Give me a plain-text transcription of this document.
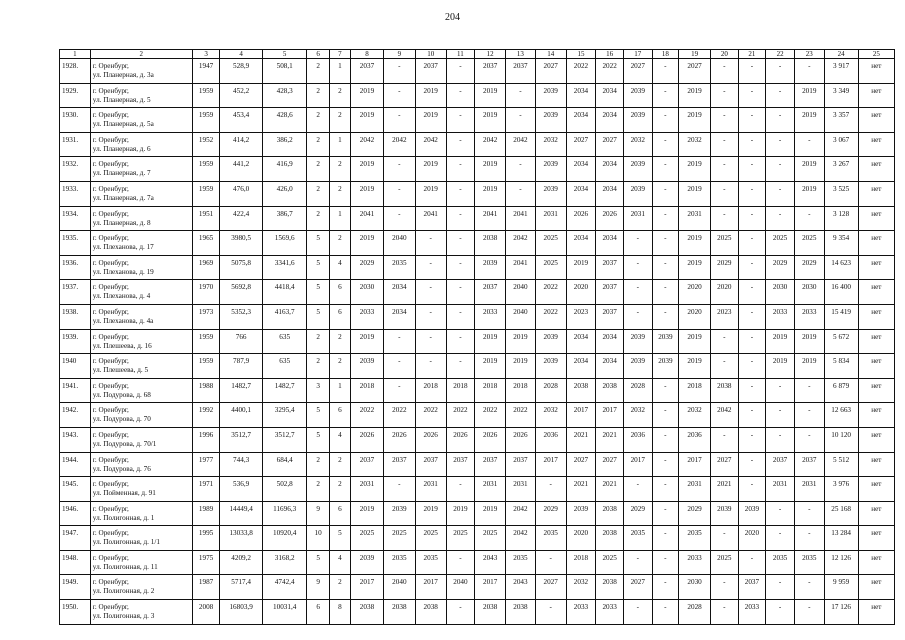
204
1	2	3	4	5	6	7	8	9	10	11	12	13	14	15	16	17	18	19	20	21	22	23	24	25
1928.	г. Оренбург,
ул. Планерная, д. 3а	1947	528,9	508,1	2	1	2037	-	2037	-	2037	2037	2027	2022	2022	2027	-	2027	-	-	-	-	3 917	нет
1929.	г. Оренбург,
ул. Планерная, д. 5	1959	452,2	428,3	2	2	2019	-	2019	-	2019	-	2039	2034	2034	2039	-	2019	-	-	-	2019	3 349	нет
1930.	г. Оренбург,
ул. Планерная, д. 5а	1959	453,4	428,6	2	2	2019	-	2019	-	2019	-	2039	2034	2034	2039	-	2019	-	-	-	2019	3 357	нет
1931.	г. Оренбург,
ул. Планерная, д. 6	1952	414,2	386,2	2	1	2042	2042	2042	-	2042	2042	2032	2027	2027	2032	-	2032	-	-	-	-	3 067	нет
1932.	г. Оренбург,
ул. Планерная, д. 7	1959	441,2	416,9	2	2	2019	-	2019	-	2019	-	2039	2034	2034	2039	-	2019	-	-	-	2019	3 267	нет
1933.	г. Оренбург,
ул. Планерная, д. 7а	1959	476,0	426,0	2	2	2019	-	2019	-	2019	-	2039	2034	2034	2039	-	2019	-	-	-	2019	3 525	нет
1934.	г. Оренбург,
ул. Планерная, д. 8	1951	422,4	386,7	2	1	2041	-	2041	-	2041	2041	2031	2026	2026	2031	-	2031	-	-	-	-	3 128	нет
1935.	г. Оренбург,
ул. Плеханова, д. 17	1965	3980,5	1569,6	5	2	2019	2040	-	-	2038	2042	2025	2034	2034	-	-	2019	2025	-	2025	2025	9 354	нет
1936.	г. Оренбург,
ул. Плеханова, д. 19	1969	5075,8	3341,6	5	4	2029	2035	-	-	2039	2041	2025	2019	2037	-	-	2019	2029	-	2029	2029	14 623	нет
1937.	г. Оренбург,
ул. Плеханова, д. 4	1970	5692,8	4418,4	5	6	2030	2034	-	-	2037	2040	2022	2020	2037	-	-	2020	2020	-	2030	2030	16 400	нет
1938.	г. Оренбург,
ул. Плеханова, д. 4а	1973	5352,3	4163,7	5	6	2033	2034	-	-	2033	2040	2022	2023	2037	-	-	2020	2023	-	2033	2033	15 419	нет
1939.	г. Оренбург,
ул. Плешеева, д. 16	1959	766	635	2	2	2019	-	-	-	2019	2019	2039	2034	2034	2039	2039	2019	-	-	2019	2019	5 672	нет
1940	г. Оренбург,
ул. Плешеева, д. 5	1959	787,9	635	2	2	2039	-	-	-	2019	2019	2039	2034	2034	2039	2039	2019	-	-	2019	2019	5 834	нет
1941.	г. Оренбург,
ул. Подурова, д. 68	1988	1482,7	1482,7	3	1	2018	-	2018	2018	2018	2018	2028	2038	2038	2028	-	2018	2038	-	-	-	6 879	нет
1942.	г. Оренбург,
ул. Подурова, д. 70	1992	4400,1	3295,4	5	6	2022	2022	2022	2022	2022	2022	2032	2017	2017	2032	-	2032	2042	-	-	-	12 663	нет
1943.	г. Оренбург,
ул. Подурова, д. 70/1	1996	3512,7	3512,7	5	4	2026	2026	2026	2026	2026	2026	2036	2021	2021	2036	-	2036	-	-	-	-	10 120	нет
1944.	г. Оренбург,
ул. Подурова, д. 76	1977	744,3	684,4	2	2	2037	2037	2037	2037	2037	2037	2017	2027	2027	2017	-	2017	2027	-	2037	2037	5 512	нет
1945.	г. Оренбург,
ул. Пойменная, д. 91	1971	536,9	502,8	2	2	2031	-	2031	-	2031	2031	-	2021	2021	-	-	2031	2021	-	2031	2031	3 976	нет
1946.	г. Оренбург,
ул. Полигонная, д. 1	1989	14449,4	11696,3	9	6	2019	2039	2019	2019	2019	2042	2029	2039	2038	2029	-	2029	2039	2039	-	-	25 168	нет
1947.	г. Оренбург,
ул. Полигонная, д. 1/1	1995	13033,8	10920,4	10	5	2025	2025	2025	2025	2025	2042	2035	2020	2038	2035	-	2035	-	2020	-	-	13 284	нет
1948.	г. Оренбург,
ул. Полигонная, д. 11	1975	4209,2	3168,2	5	4	2039	2035	2035	-	2043	2035	-	2018	2025	-	-	2033	2025	-	2035	2035	12 126	нет
1949.	г. Оренбург,
ул. Полигонная, д. 2	1987	5717,4	4742,4	9	2	2017	2040	2017	2040	2017	2043	2027	2032	2038	2027	-	2030	-	2037	-	-	9 959	нет
1950.	г. Оренбург,
ул. Полигонная, д. 3	2008	16803,9	10031,4	6	8	2038	2038	2038	-	2038	2038	-	2033	2033	-	-	2028	-	2033	-	-	17 126	нет
